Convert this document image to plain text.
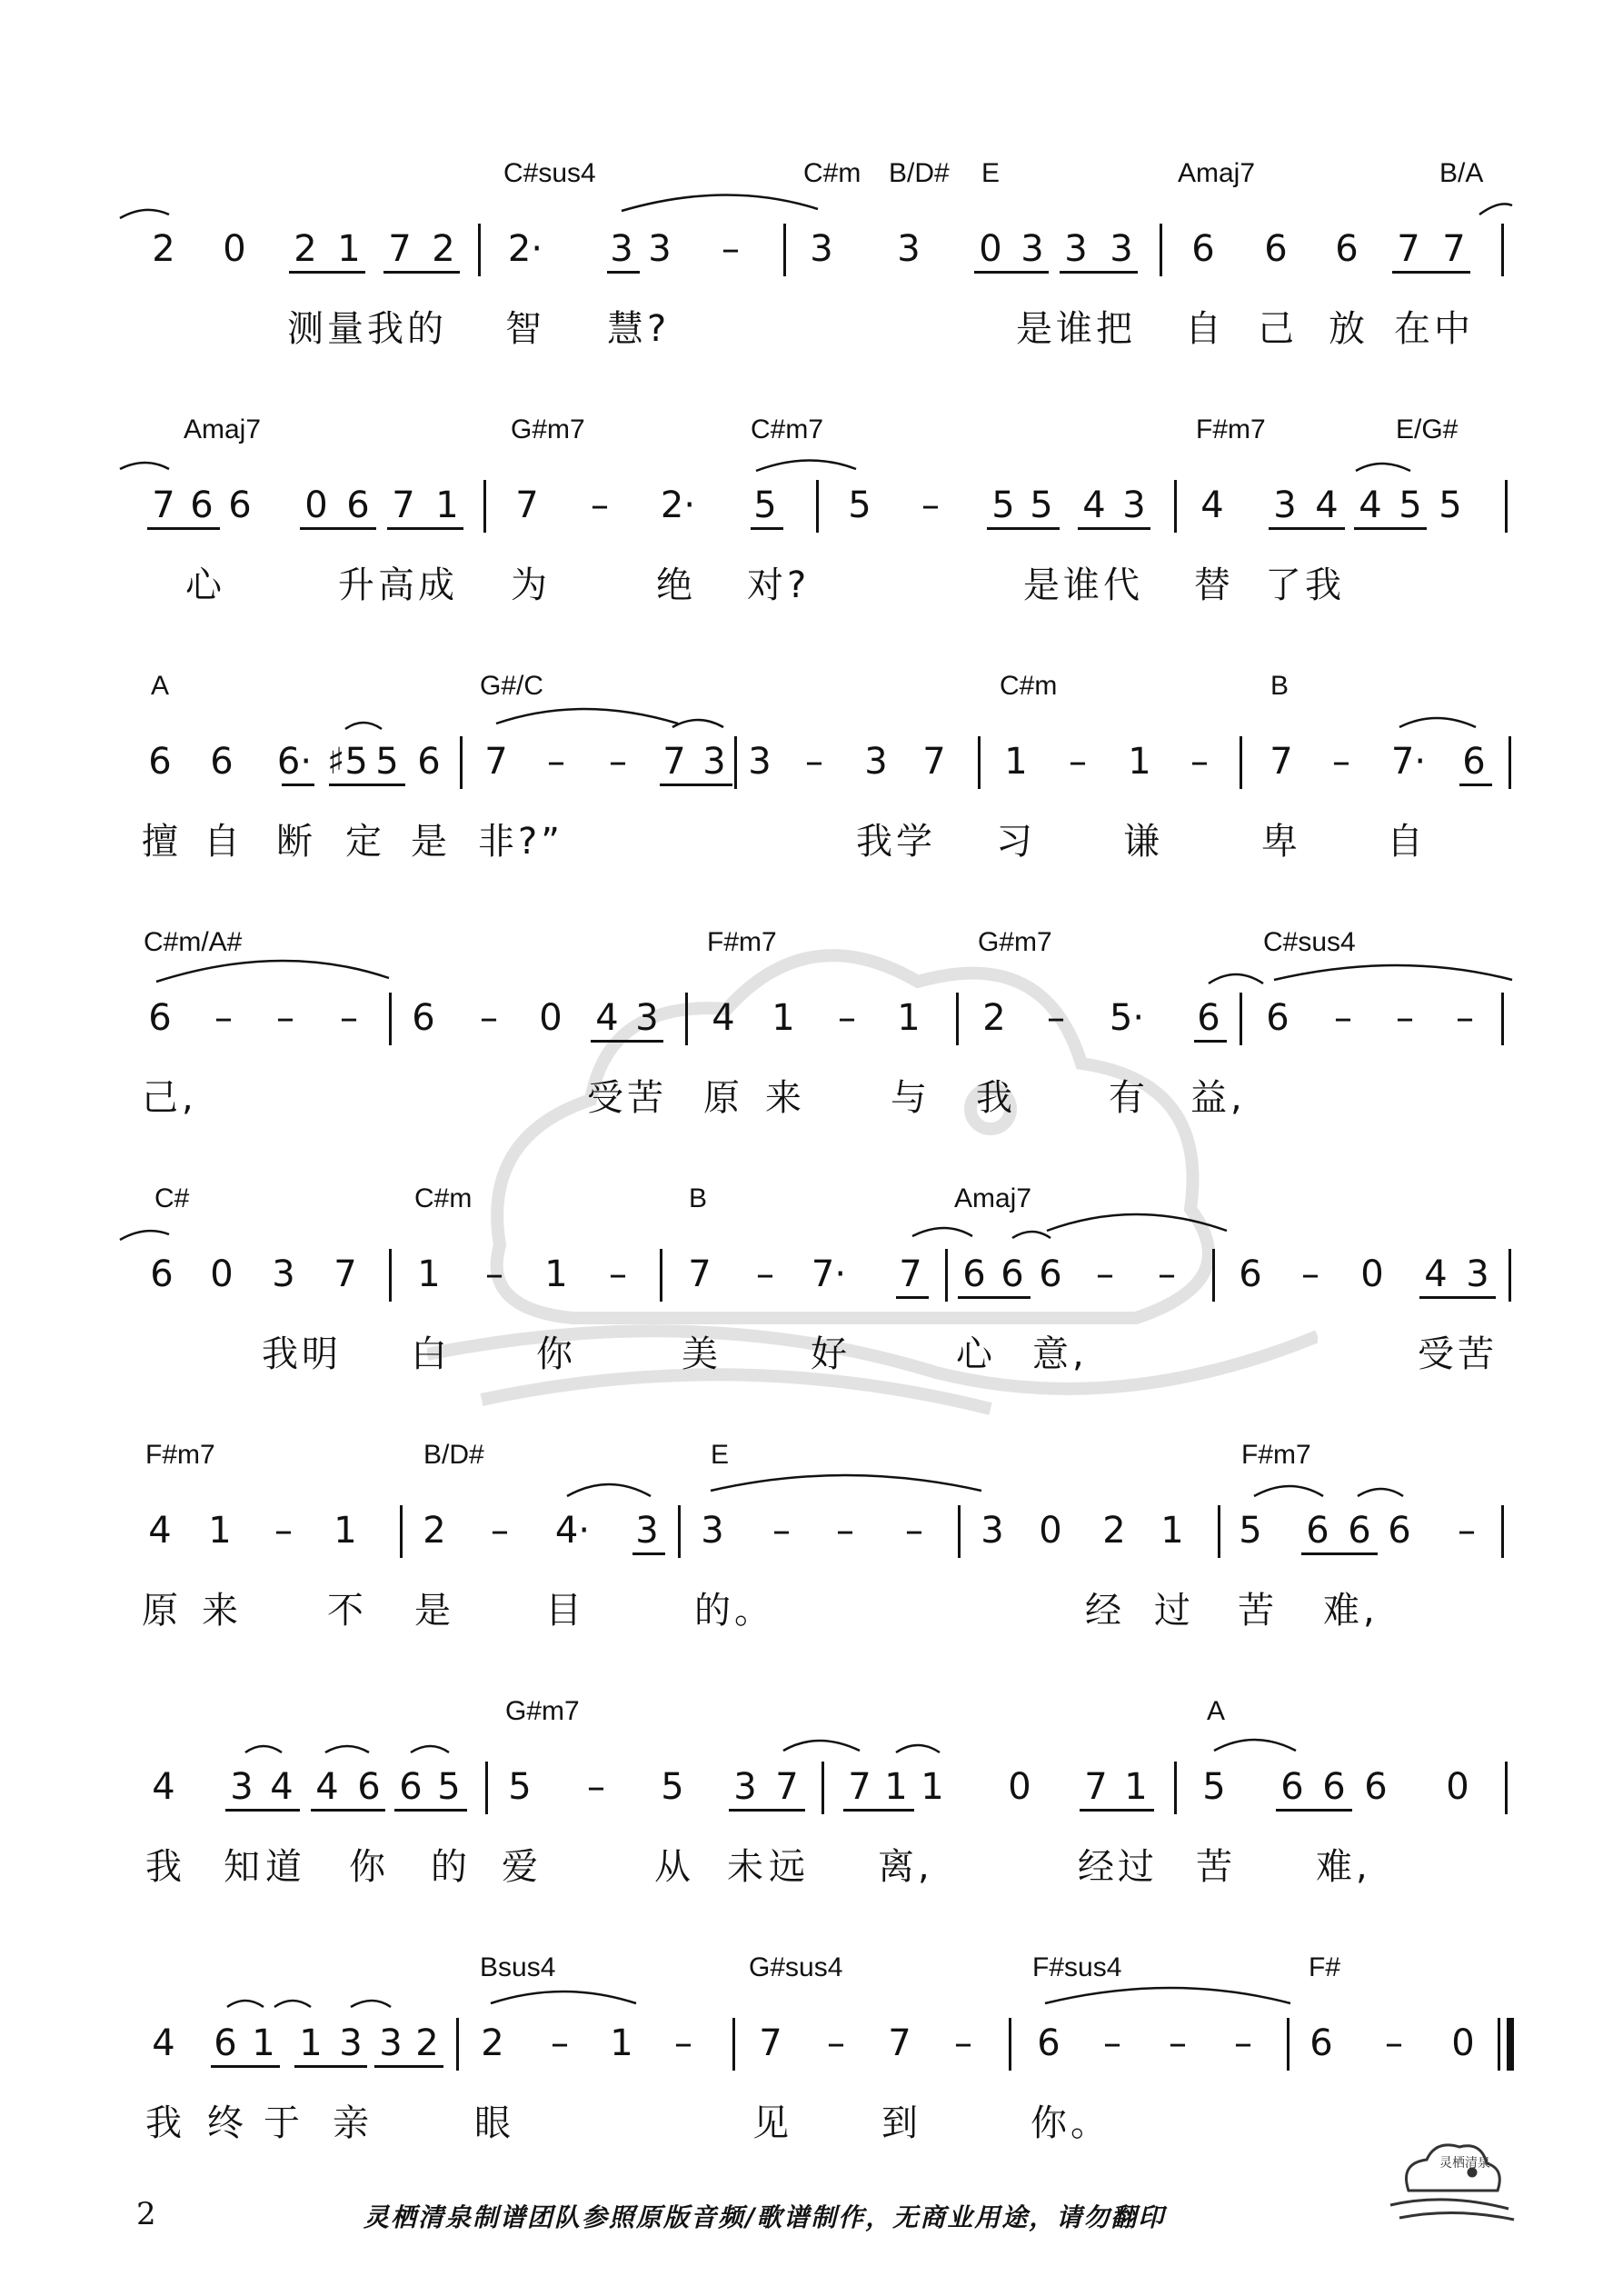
C#sus4	C#m B/D# E	Amaj7	B/A
2 0 2 1 7 2 2· 3 3 – 3 3 0 3 3 3 6 6 6 7 7
测量我的 智 慧?	是谁把 自 己 放 在中
Amaj7	G#m7	C#m7	F#m7	E/G#
7 6 6 0 6 7 1 7 – 2· 5 5 – 5 5 4 3 4 3 4 4 5 5
心	升高成 为	绝 对?	是谁代 替 了我
A	G#/C	C#m	B
6 6 6· ♯5 5 6 7 – – 7 3 3 – 3 7 1 – 1 – 7 – 7· 6
擅 自 断 定 是 非?”	我学 习 谦	卑 自
C#m/A#	F#m7	G#m7	C#sus4
6 – – – 6 – 0 4 3 4 1 – 1 2 – 5· 6 6 – – –
己,	受苦 原 来 与 我	有 益,
C#	C#m	B	Amaj7
6 0 3 7 1 – 1 – 7 – 7· 7 6 6 6 – – 6 – 0 4 3
我明 白 你	美 好	心 意,	受苦
F#m7	B/D#	E	F#m7
4 1 – 1 2 – 4· 3 3 – – – 3 0 2 1 5 6 6 6 –
原 来 不 是	目	的。	经 过 苦 难,
G#m7	A
4 3 4 4 6 6 5 5 – 5 3 7 7 1 1 0 7 1 5 6 6 6 0
我 知 道 你 的 爱	从 未 远 离,	经 过 苦 难,
Bsus4	G#sus4	F#sus4	F#
4 6 1 1 3 3 2 2 – 1 – 7 – 7 – 6 – – – 6 – 0
我 终 于 亲	眼	见 到	你。
2	灵栖清泉制谱团队参照原版音频/歌谱制作，无商业用途，请勿翻印
灵栖清泉
